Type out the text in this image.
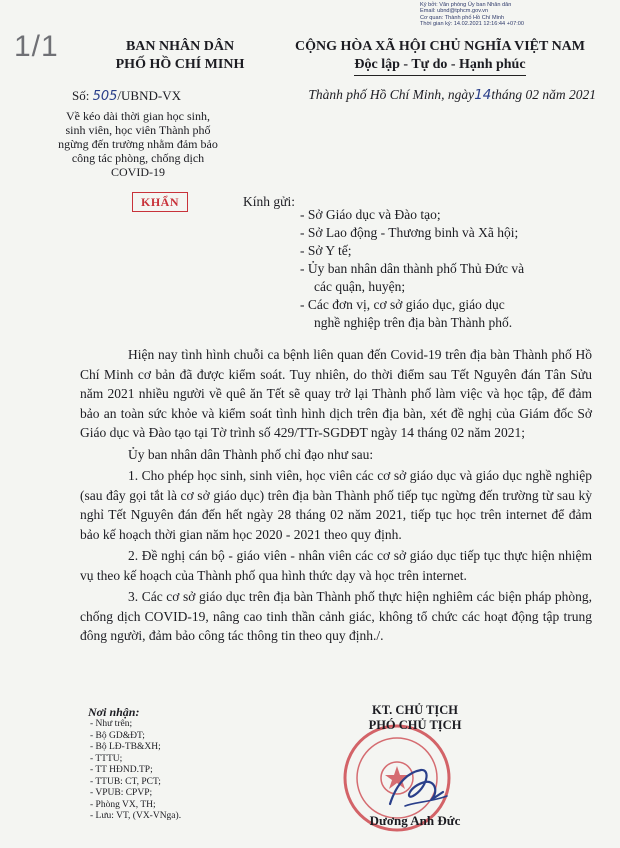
1/1
Ký bởi: Văn phòng Ủy ban Nhân dân
Email: ubnd@tphcm.gov.vn
Cơ quan: Thành phố Hồ Chí Minh
Thời gian ký: 14.02.2021 12:16:44 +07:00
BAN NHÂN DÂN
PHỐ HỒ CHÍ MINH
CỘNG HÒA XÃ HỘI CHỦ NGHĨA VIỆT NAM
Độc lập - Tự do - Hạnh phúc
Số: 505/UBND-VX	Thành phố Hồ Chí Minh, ngày14tháng 02 năm 2021
Về kéo dài thời gian học sinh,
sinh viên, học viên Thành phố
ngừng đến trường nhằm đảm bảo
công tác phòng, chống dịch
COVID-19
KHẨN	Kính gửi:
- Sở Giáo dục và Đào tạo;
- Sở Lao động - Thương binh và Xã hội;
- Sở Y tế;
- Ủy ban nhân dân thành phố Thủ Đức và
các quận, huyện;
- Các đơn vị, cơ sở giáo dục, giáo dục
nghề nghiệp trên địa bàn Thành phố.

Hiện nay tình hình chuỗi ca bệnh liên quan đến Covid-19 trên địa bàn Thành phố Hồ Chí Minh cơ bản đã được kiểm soát. Tuy nhiên, do thời điểm sau Tết Nguyên đán Tân Sửu năm 2021 nhiều người về quê ăn Tết sẽ quay trở lại Thành phố làm việc và học tập, để đảm bảo an toàn sức khỏe và kiểm soát tình hình dịch trên địa bàn, xét đề nghị của Giám đốc Sở Giáo dục và Đào tạo tại Tờ trình số 429/TTr-SGDĐT ngày 14 tháng 02 năm 2021;

Ủy ban nhân dân Thành phố chỉ đạo như sau:

1. Cho phép học sinh, sinh viên, học viên các cơ sở giáo dục và giáo dục nghề nghiệp (sau đây gọi tắt là cơ sở giáo dục) trên địa bàn Thành phố tiếp tục ngừng đến trường từ sau kỳ nghỉ Tết Nguyên đán đến hết ngày 28 tháng 02 năm 2021, tiếp tục học trên internet để đảm bảo kế hoạch thời gian năm học 2020 - 2021 theo quy định.

2. Đề nghị cán bộ - giáo viên - nhân viên các cơ sở giáo dục tiếp tục thực hiện nhiệm vụ theo kế hoạch của Thành phố qua hình thức dạy và học trên internet.

3. Các cơ sở giáo dục trên địa bàn Thành phố thực hiện nghiêm các biện pháp phòng, chống dịch COVID-19, nâng cao tinh thần cảnh giác, không tổ chức các hoạt động tập trung đông người, đảm bảo công tác thông tin theo quy định./.

Nơi nhận:
- Như trên;
- Bộ GD&ĐT;
- Bộ LĐ-TB&XH;
- TTTU;
- TT HĐND.TP;
- TTUB: CT, PCT;
- VPUB: CPVP;
- Phòng VX, TH;
- Lưu: VT, (VX-VNga).
KT. CHỦ TỊCH
PHÓ CHỦ TỊCH
Dương Anh Đức
